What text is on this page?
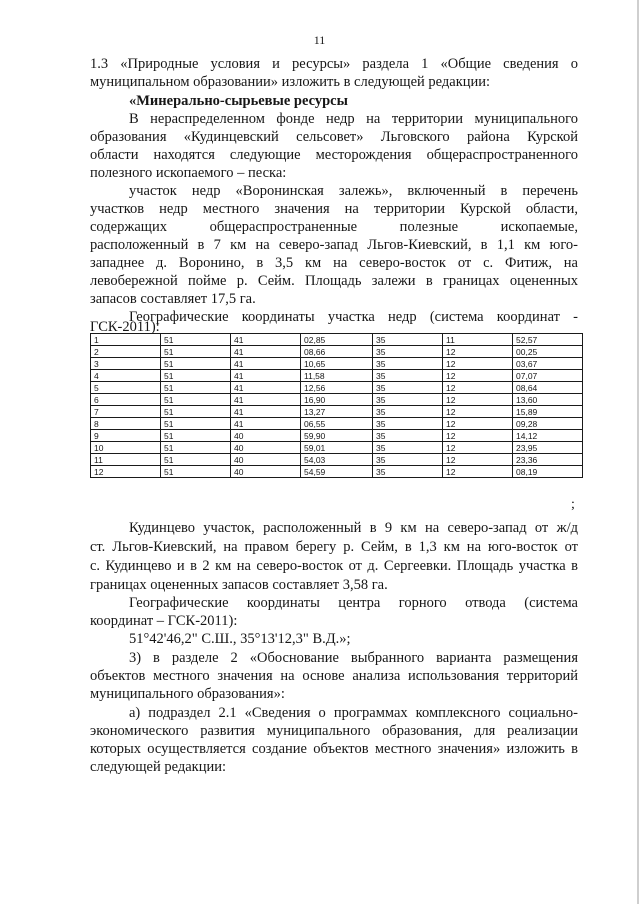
11

1.3 «Природные условия и ресурсы» раздела 1 «Общие сведения о

муниципальном образовании» изложить в следующей редакции:

«Минерально-сырьевые ресурсы

В нераспределенном фонде недр на территории муниципального

образования «Кудинцевский сельсовет» Льговского района Курской

области находятся следующие месторождения общераспространенного

полезного ископаемого – песка:

участок недр «Воронинская залежь», включенный в перечень

участков недр местного значения на территории Курской области,

содержащих общераспространенные полезные ископаемые,

расположенный в 7 км на северо-запад Льгов-Киевский, в 1,1 км юго-

западнее д. Воронино, в 3,5 км на северо-восток от с. Фитиж, на

левобережной пойме р. Сейм. Площадь залежи в границах оцененных

запасов составляет 17,5 га.

Географические координаты участка недр (система координат -

ГСК-2011):

1	51	41	02,85	35	11	52,57
2	51	41	08,66	35	12	00,25
3	51	41	10,65	35	12	03,67
4	51	41	11,58	35	12	07,07
5	51	41	12,56	35	12	08,64
6	51	41	16,90	35	12	13,60
7	51	41	13,27	35	12	15,89
8	51	41	06,55	35	12	09,28
9	51	40	59,90	35	12	14,12
10	51	40	59,01	35	12	23,95
11	51	40	54,03	35	12	23,36
12	51	40	54,59	35	12	08,19
;

Кудинцево участок, расположенный в 9 км на северо-запад от ж/д

ст. Льгов-Киевский, на правом берегу р. Сейм, в 1,3 км на юго-восток от

с. Кудинцево и в 2 км на северо-восток от д. Сергеевки. Площадь участка в

границах оцененных запасов составляет 3,58 га.

Географические координаты центра горного отвода (система

координат – ГСК-2011):

51°42'46,2" С.Ш., 35°13'12,3" В.Д.»;

3) в разделе 2 «Обоснование выбранного варианта размещения

объектов местного значения на основе анализа использования территорий

муниципального образования»:

а) подраздел 2.1 «Сведения о программах комплексного социально-

экономического развития муниципального образования, для реализации

которых осуществляется создание объектов местного значения» изложить в

следующей редакции:
